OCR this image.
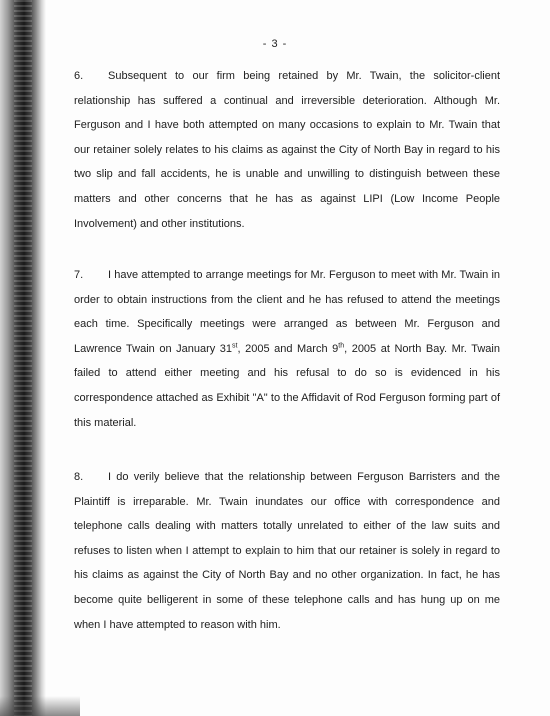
- 3 -
6. Subsequent to our firm being retained by Mr. Twain, the solicitor-client relationship has suffered a continual and irreversible deterioration. Although Mr. Ferguson and I have both attempted on many occasions to explain to Mr. Twain that our retainer solely relates to his claims as against the City of North Bay in regard to his two slip and fall accidents, he is unable and unwilling to distinguish between these matters and other concerns that he has as against LIPI (Low Income People Involvement) and other institutions.
7. I have attempted to arrange meetings for Mr. Ferguson to meet with Mr. Twain in order to obtain instructions from the client and he has refused to attend the meetings each time. Specifically meetings were arranged as between Mr. Ferguson and Lawrence Twain on January 31st, 2005 and March 9th, 2005 at North Bay. Mr. Twain failed to attend either meeting and his refusal to do so is evidenced in his correspondence attached as Exhibit "A" to the Affidavit of Rod Ferguson forming part of this material.
8. I do verily believe that the relationship between Ferguson Barristers and the Plaintiff is irreparable. Mr. Twain inundates our office with correspondence and telephone calls dealing with matters totally unrelated to either of the law suits and refuses to listen when I attempt to explain to him that our retainer is solely in regard to his claims as against the City of North Bay and no other organization. In fact, he has become quite belligerent in some of these telephone calls and has hung up on me when I have attempted to reason with him.
